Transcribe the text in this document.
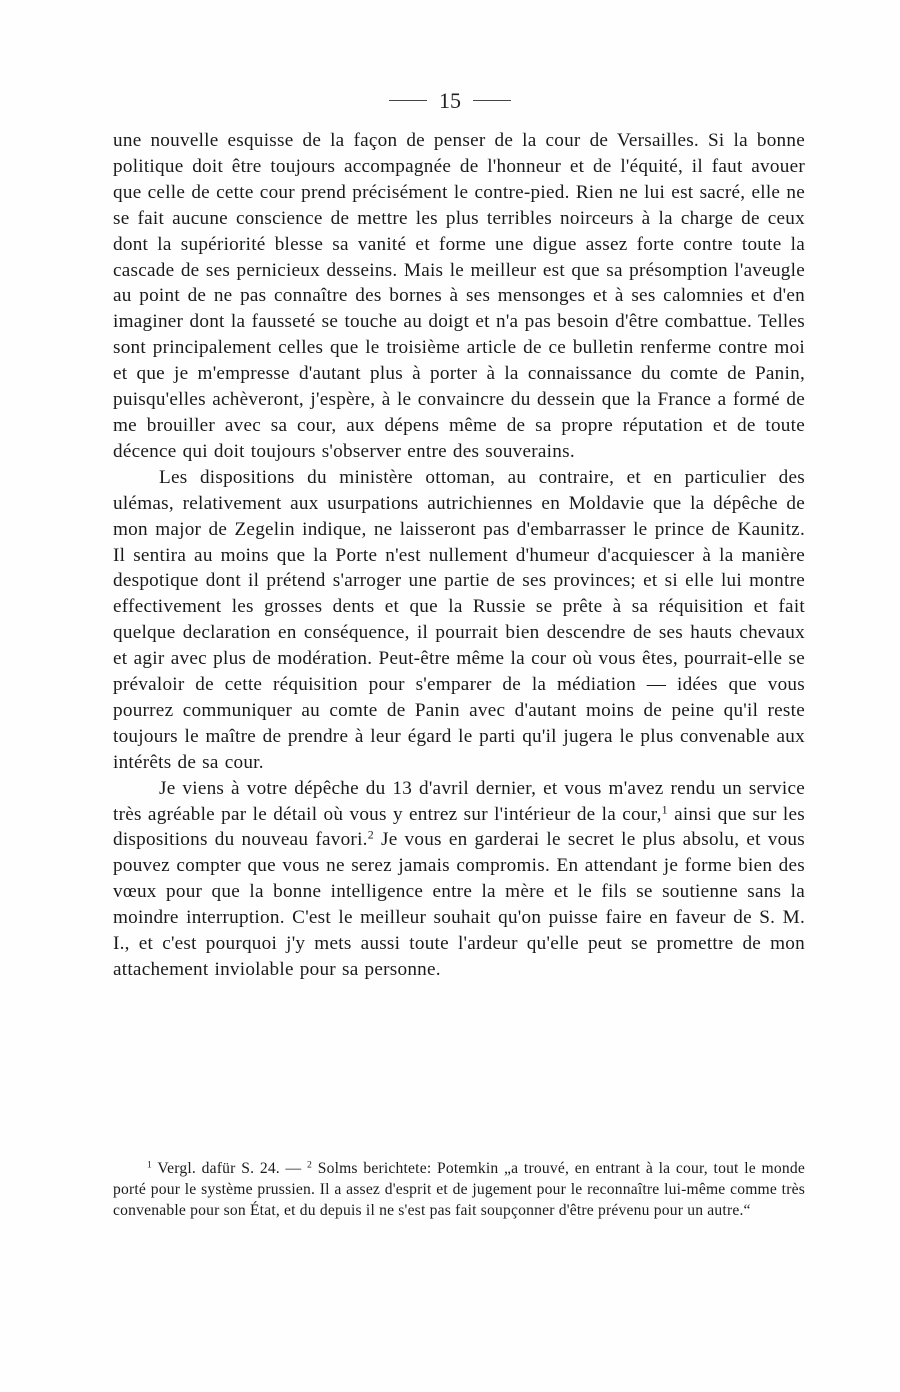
15

une nouvelle esquisse de la façon de penser de la cour de Versailles. Si la bonne politique doit être toujours accompagnée de l'honneur et de l'équité, il faut avouer que celle de cette cour prend précisément le contre-pied. Rien ne lui est sacré, elle ne se fait aucune conscience de mettre les plus terribles noirceurs à la charge de ceux dont la supériorité blesse sa vanité et forme une digue assez forte contre toute la cascade de ses pernicieux desseins. Mais le meilleur est que sa présomption l'aveugle au point de ne pas connaître des bornes à ses mensonges et à ses calomnies et d'en imaginer dont la fausseté se touche au doigt et n'a pas besoin d'être combattue. Telles sont principalement celles que le troisième article de ce bulletin renferme contre moi et que je m'empresse d'autant plus à porter à la connaissance du comte de Panin, puisqu'elles achèveront, j'espère, à le convaincre du dessein que la France a formé de me brouiller avec sa cour, aux dépens même de sa propre réputation et de toute décence qui doit toujours s'observer entre des souverains.

Les dispositions du ministère ottoman, au contraire, et en particulier des ulémas, relativement aux usurpations autrichiennes en Moldavie que la dépêche de mon major de Zegelin indique, ne laisseront pas d'embarrasser le prince de Kaunitz. Il sentira au moins que la Porte n'est nullement d'humeur d'acquiescer à la manière despotique dont il prétend s'arroger une partie de ses provinces; et si elle lui montre effectivement les grosses dents et que la Russie se prête à sa réquisition et fait quelque declaration en conséquence, il pourrait bien descendre de ses hauts chevaux et agir avec plus de modération. Peut-être même la cour où vous êtes, pourrait-elle se prévaloir de cette réquisition pour s'emparer de la médiation — idées que vous pourrez communiquer au comte de Panin avec d'autant moins de peine qu'il reste toujours le maître de prendre à leur égard le parti qu'il jugera le plus convenable aux intérêts de sa cour.

Je viens à votre dépêche du 13 d'avril dernier, et vous m'avez rendu un service très agréable par le détail où vous y entrez sur l'intérieur de la cour,$^1$ ainsi que sur les dispositions du nouveau favori.$^2$ Je vous en garderai le secret le plus absolu, et vous pouvez compter que vous ne serez jamais compromis. En attendant je forme bien des vœux pour que la bonne intelligence entre la mère et le fils se soutienne sans la moindre interruption. C'est le meilleur souhait qu'on puisse faire en faveur de S. M. I., et c'est pourquoi j'y mets aussi toute l'ardeur qu'elle peut se promettre de mon attachement inviolable pour sa personne.

$^1$ Vergl. dafür S. 24. — $^2$ Solms berichtete: Potemkin „a trouvé, en entrant à la cour, tout le monde porté pour le système prussien. Il a assez d'esprit et de jugement pour le reconnaître lui-même comme très convenable pour son État, et du depuis il ne s'est pas fait soupçonner d'être prévenu pour un autre.“
